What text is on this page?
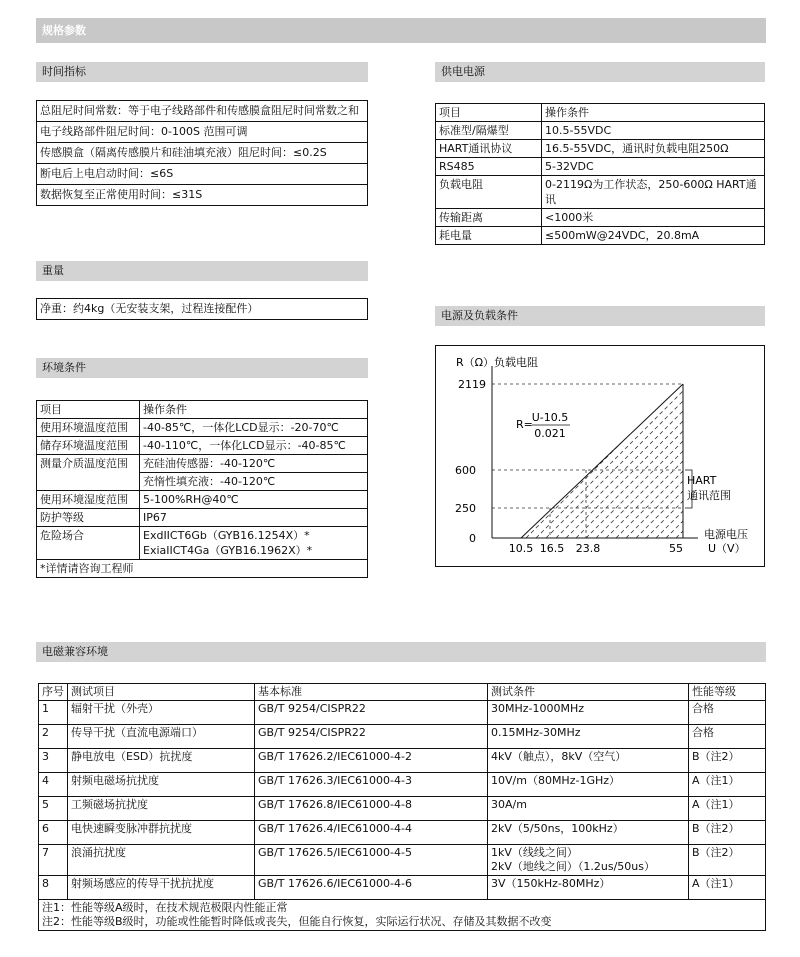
规格参数
时间指标
总阻尼时间常数：等于电子线路部件和传感膜盒阻尼时间常数之和
电子线路部件阻尼时间：0-100S 范围可调
传感膜盒（隔离传感膜片和硅油填充液）阻尼时间：≤0.2S
断电后上电启动时间：≤6S
数据恢复至正常使用时间：≤31S
重量
净重：约4kg（无安装支架，过程连接配件）
环境条件
项目	操作条件
使用环境温度范围	-40-85℃，一体化LCD显示：-20-70℃
储存环境温度范围	-40-110℃，一体化LCD显示：-40-85℃
测量介质温度范围	充硅油传感器：-40-120℃
	充惰性填充液：-40-120℃
使用环境湿度范围	5-100%RH@40℃
防护等级	IP67
危险场合	ExdIICT6Gb（GYB16.1254X）*
ExiaIICT4Ga（GYB16.1962X）*
*详情请咨询工程师	
供电电源
项目	操作条件
标准型/隔爆型	10.5-55VDC
HART通讯协议	16.5-55VDC，通讯时负载电阻250Ω
RS485	5-32VDC
负载电阻	0-2119Ω为工作状态，250-600Ω HART通讯
传输距离	<1000米
耗电量	≤500mW@24VDC，20.8mA
电源及负载条件
R（Ω）负载电阻
2119
600
250
0
10.5 16.5 23.8	55
电源电压
U（V）
HART
通讯范围
R=
U-10.5
0.021
电磁兼容环境
序号	测试项目	基本标准	测试条件	性能等级
1	辐射干扰（外壳）	GB/T 9254/CISPR22	30MHz-1000MHz	合格
2	传导干扰（直流电源端口）	GB/T 9254/CISPR22	0.15MHz-30MHz	合格
3	静电放电（ESD）抗扰度	GB/T 17626.2/IEC61000-4-2	4kV（触点），8kV（空气）	B（注2）
4	射频电磁场抗扰度	GB/T 17626.3/IEC61000-4-3	10V/m（80MHz-1GHz）	A（注1）
5	工频磁场抗扰度	GB/T 17626.8/IEC61000-4-8	30A/m	A（注1）
6	电快速瞬变脉冲群抗扰度	GB/T 17626.4/IEC61000-4-4	2kV（5/50ns，100kHz）	B（注2）
7	浪涌抗扰度	GB/T 17626.5/IEC61000-4-5	1kV（线线之间）
2kV（地线之间）（1.2us/50us）	B（注2）
8	射频场感应的传导干扰抗扰度	GB/T 17626.6/IEC61000-4-6	3V（150kHz-80MHz）	A（注1）
注1：性能等级A级时，在技术规范极限内性能正常
注2：性能等级B级时，功能或性能暂时降低或丧失，但能自行恢复，实际运行状况、存储及其数据不改变				
